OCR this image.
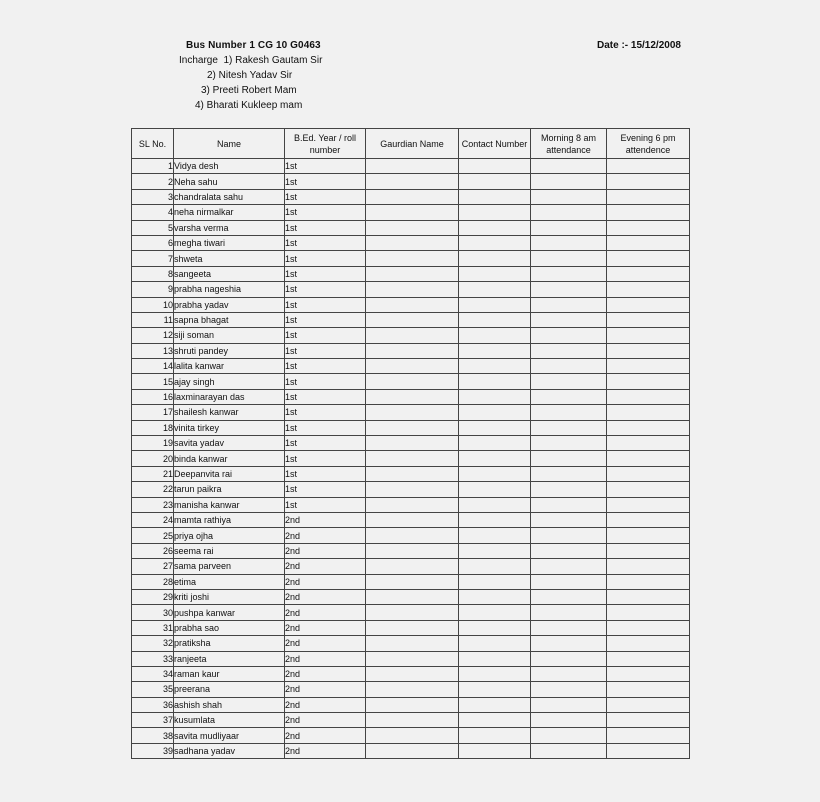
Bus Number 1 CG 10 G0463	Date :- 15/12/2008
Incharge  1) Rakesh Gautam Sir
2) Nitesh Yadav Sir
3) Preeti Robert Mam
4) Bharati Kukleep mam
SL No.	Name	B.Ed. Year / roll number	Gaurdian Name	Contact Number	Morning 8 am attendance	Evening 6 pm attendence
1	Vidya desh	1st				
2	Neha sahu	1st				
3	chandralata sahu	1st				
4	neha nirmalkar	1st				
5	varsha verma	1st				
6	megha tiwari	1st				
7	shweta	1st				
8	sangeeta	1st				
9	prabha nageshia	1st				
10	prabha yadav	1st				
11	sapna bhagat	1st				
12	siji soman	1st				
13	shruti pandey	1st				
14	lalita kanwar	1st				
15	ajay singh	1st				
16	laxminarayan das	1st				
17	shailesh kanwar	1st				
18	vinita tirkey	1st				
19	savita yadav	1st				
20	binda kanwar	1st				
21	Deepanvita rai	1st				
22	tarun paikra	1st				
23	manisha kanwar	1st				
24	mamta rathiya	2nd				
25	priya ojha	2nd				
26	seema rai	2nd				
27	sama parveen	2nd				
28	etima	2nd				
29	kriti joshi	2nd				
30	pushpa kanwar	2nd				
31	prabha sao	2nd				
32	pratiksha	2nd				
33	ranjeeta	2nd				
34	raman kaur	2nd				
35	preerana	2nd				
36	ashish shah	2nd				
37	kusumlata	2nd				
38	savita mudliyaar	2nd				
39	sadhana yadav	2nd				
